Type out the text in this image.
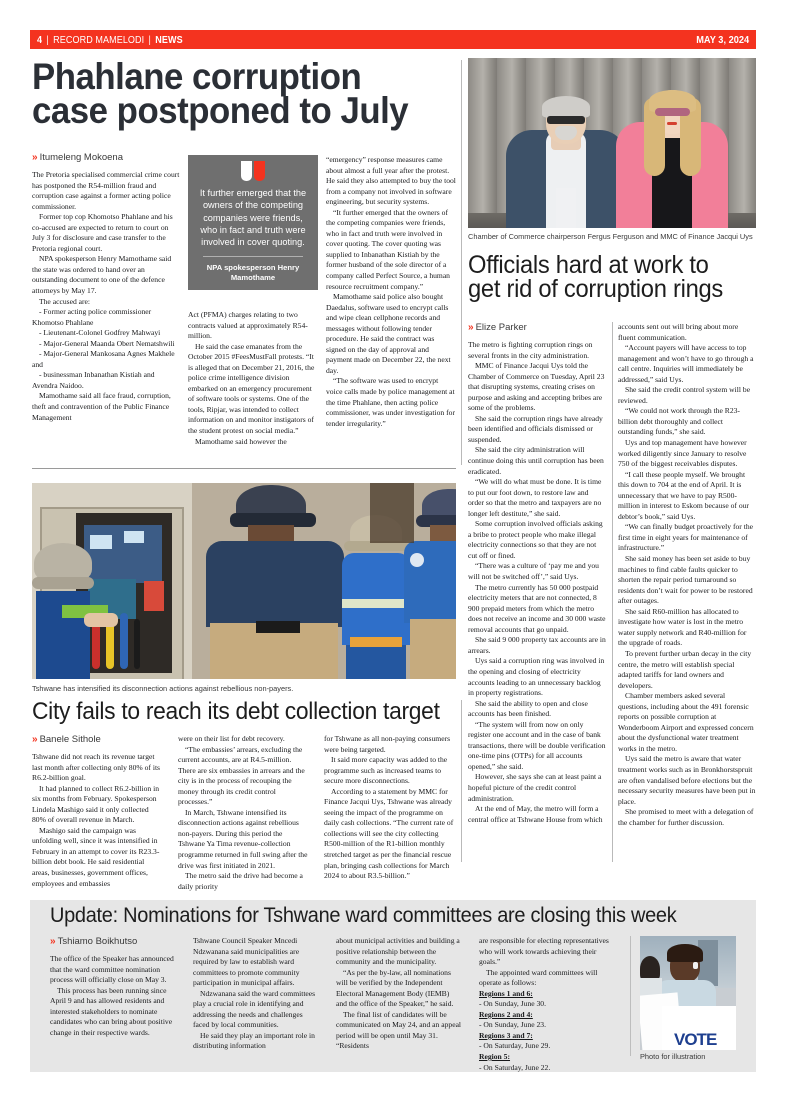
4 | RECORD MAMELODI | NEWS	MAY 3, 2024
Phahlane corruption case postponed to July
Chamber of Commerce chairperson Fergus Ferguson and MMC of Finance Jacqui Uys
» Itumeleng Mokoena

The Pretoria specialised commercial crime court has postponed the R54-million fraud and corruption case against a former acting police commissioner.

Former top cop Khomotso Phahlane and his co-accused are expected to return to court on July 3 for disclosure and case transfer to the Pretoria regional court.

NPA spokesperson Henry Mamothame said the state was ordered to hand over an outstanding document to one of the defence attorneys by May 17.

The accused are:

- Former acting police commissioner Khomotso Phahlane

- Lieutenant-Colonel Godfrey Mahwayi

- Major-General Maanda Obert Nematshwili

- Major-General Mankosana Agnes Makhele and

- businessman Inbanathan Kistiah and Avendra Naidoo.

Mamothame said all face fraud, corruption, theft and contravention of the Public Finance Management

It further emerged that the owners of the competing companies were friends, who in fact and truth were involved in cover quoting.
NPA spokesperson Henry Mamothame

Act (PFMA) charges relating to two contracts valued at approximately R54-million.

He said the case emanates from the October 2015 #FeesMustFall protests. “It is alleged that on December 21, 2016, the police crime intelligence division embarked on an emergency procurement of software tools or systems. One of the tools, Ripjar, was intended to collect information on and monitor instigators of the student protest on social media.”

Mamothame said however the

“emergency” response measures came about almost a full year after the protest. He said they also attempted to buy the tool from a company not involved in software engineering, but security systems.

“It further emerged that the owners of the competing companies were friends, who in fact and truth were involved in cover quoting. The cover quoting was supplied to Inbanathan Kistiah by the former husband of the sole director of a company called Perfect Source, a human resource recruitment company.”

Mamothame said police also bought Daedalus, software used to encrypt calls and wipe clean cellphone records and messages without following tender procedure. He said the contract was signed on the day of approval and payment made on December 22, the next day.

“The software was used to encrypt voice calls made by police management at the time Phahlane, then acting police commissioner, was under investigation for tender irregularity.”

Officials hard at work to get rid of corruption rings
» Elize Parker

The metro is fighting corruption rings on several fronts in the city administration.

MMC of Finance Jacqui Uys told the Chamber of Commerce on Tuesday, April 23 that disrupting systems, creating crises on purpose and asking and accepting bribes are some of the problems.

She said the corruption rings have already been identified and officials dismissed or suspended.

She said the city administration will continue doing this until corruption has been eradicated.

“We will do what must be done. It is time to put our foot down, to restore law and order so that the metro and taxpayers are no longer left destitute,” she said.

Some corruption involved officials asking a bribe to protect people who make illegal electricity connections so that they are not cut off or fined.

“There was a culture of ‘pay me and you will not be switched off’,” said Uys.

The metro currently has 50 000 postpaid electricity meters that are not connected, 8 900 prepaid meters from which the metro does not receive an income and 30 000 waste removal accounts that go unpaid.

She said 9 000 property tax accounts are in arrears.

Uys said a corruption ring was involved in the opening and closing of electricity accounts leading to an unnecessary backlog in property registrations.

She said the ability to open and close accounts has been finished.

“The system will from now on only register one account and in the case of bank transactions, there will be double verification one-time pins (OTPs) for all accounts opened,” she said.

However, she says she can at least paint a hopeful picture of the credit control administration.

At the end of May, the metro will form a central office at Tshwane House from which

accounts sent out will bring about more fluent communication.

“Account payers will have access to top management and won’t have to go through a call centre. Inquiries will immediately be addressed,” said Uys.

She said the credit control system will be reviewed.

“We could not work through the R23-billion debt thoroughly and collect outstanding funds,” she said.

Uys and top management have however worked diligently since January to resolve 750 of the biggest receivables disputes.

“I call these people myself. We brought this down to 704 at the end of April. It is unnecessary that we have to pay R500-million in interest to Eskom because of our debtor’s book,” said Uys.

“We can finally budget proactively for the first time in eight years for maintenance of infrastructure.”

She said money has been set aside to buy machines to find cable faults quicker to shorten the repair period turnaround so residents don’t wait for power to be restored after outages.

She said R60-million has allocated to investigate how water is lost in the metro water supply network and R40-million for the upgrade of roads.

To prevent further urban decay in the city centre, the metro will establish special adapted tariffs for land owners and developers.

Chamber members asked several questions, including about the 491 forensic reports on possible corruption at Wonderboom Airport and expressed concern about the dysfunctional water treatment works in the metro.

Uys said the metro is aware that water treatment works such as in Bronkhorstspruit are often vandalised before elections but the necessary security measures have been put in place.

She promised to meet with a delegation of the chamber for further discussion.

Tshwane has intensified its disconnection actions against rebellious non-payers.
City fails to reach its debt collection target
» Banele Sithole

Tshwane did not reach its revenue target last month after collecting only 80% of its R6.2-billion goal.

It had planned to collect R6.2-billion in six months from February. Spokesperson Lindela Mashigo said it only collected 80% of overall revenue in March.

Mashigo said the campaign was unfolding well, since it was intensified in February in an attempt to cover its R23.3-billion debt book. He said residential areas, businesses, government offices, employees and embassies

were on their list for debt recovery.

“The embassies’ arrears, excluding the current accounts, are at R4.5-million. There are six embassies in arrears and the city is in the process of recouping the money through its credit control processes.”

In March, Tshwane intensified its disconnection actions against rebellious non-payers. During this period the Tshwane Ya Tima revenue-collection programme returned in full swing after the drive was first initiated in 2021.

The metro said the drive had become a daily priority

for Tshwane as all non-paying consumers were being targeted.

It said more capacity was added to the programme such as increased teams to secure more disconnections.

According to a statement by MMC for Finance Jacqui Uys, Tshwane was already seeing the impact of the programme on daily cash collections. “The current rate of collections will see the city collecting R500-million of the R1-billion monthly stretched target as per the financial rescue plan, bringing cash collections for March 2024 to about R3.5-billion.”

Update: Nominations for Tshwane ward committees are closing this week
» Tshiamo Boikhutso

The office of the Speaker has announced that the ward committee nomination process will officially close on May 3.

This process has been running since April 9 and has allowed residents and interested stakeholders to nominate candidates who can bring about positive change in their respective wards.

Tshwane Council Speaker Mncedi Ndzwanana said municipalities are required by law to establish ward committees to promote community participation in municipal affairs.

Ndzwanana said the ward committees play a crucial role in identifying and addressing the needs and challenges faced by local communities.

He said they play an important role in distributing information

about municipal activities and building a positive relationship between the community and the municipality.

“As per the by-law, all nominations will be verified by the Independent Electoral Management Body (IEMB) and the office of the Speaker,” he said.

The final list of candidates will be communicated on May 24, and an appeal period will be open until May 31. “Residents

are responsible for electing representatives who will work towards achieving their goals.”

The appointed ward committees will operate as follows:

Regions 1 and 6:
- On Sunday, June 30.
Regions 2 and 4:
- On Sunday, June 23.
Regions 3 and 7:
- On Saturday, June 29.
Region 5:
- On Saturday, June 22.
VOTE
Photo for illustration
